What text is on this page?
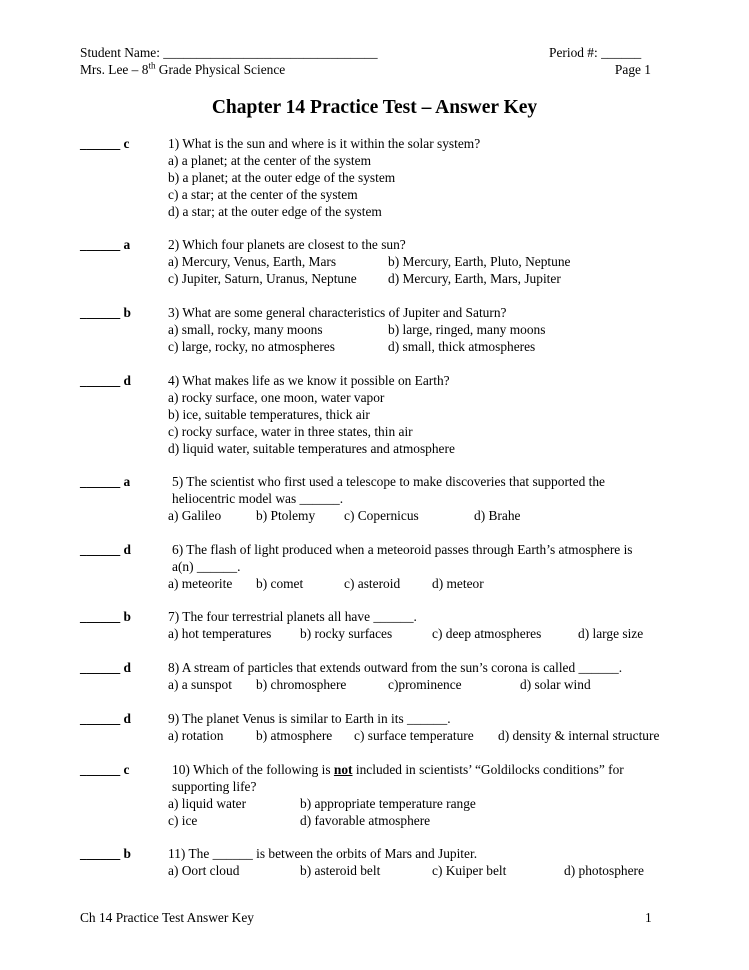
Student Name: ________________________________	Period #: ______
Mrs. Lee – 8th Grade Physical Science	Page 1
Chapter 14 Practice Test – Answer Key
______ c	1) What is the sun and where is it within the solar system?
a) a planet; at the center of the system
b) a planet; at the outer edge of the system
c) a star; at the center of the system
d) a star; at the outer edge of the system
______ a	2) Which four planets are closest to the sun?
a) Mercury, Venus, Earth, Mars	b) Mercury, Earth, Pluto, Neptune
c) Jupiter, Saturn, Uranus, Neptune d) Mercury, Earth, Mars, Jupiter
______ b	3) What are some general characteristics of Jupiter and Saturn?
a) small, rocky, many moons	b) large, ringed, many moons
c) large, rocky, no atmospheres	d) small, thick atmospheres
______ d	4) What makes life as we know it possible on Earth?
a) rocky surface, one moon, water vapor
b) ice, suitable temperatures, thick air
c) rocky surface, water in three states, thin air
d) liquid water, suitable temperatures and atmosphere
______ a	5) The scientist who first used a telescope to make discoveries that supported the
heliocentric model was ______.
a) Galileo	b) Ptolemy c) Copernicus	d) Brahe
______ d	6) The flash of light produced when a meteoroid passes through Earth’s atmosphere is
a(n) ______.
a) meteorite b) comet	c) asteroid d) meteor
______ b	7) The four terrestrial planets all have ______.
a) hot temperatures b) rocky surfaces	c) deep atmospheres	d) large size
______ d	8) A stream of particles that extends outward from the sun’s corona is called ______.
a) a sunspot b) chromosphere	c)prominence	d) solar wind
______ d	9) The planet Venus is similar to Earth in its ______.
a) rotation b) atmosphere c) surface temperature d) density & internal structure
______ c	10) Which of the following is not included in scientists’ “Goldilocks conditions” for
supporting life?
a) liquid water	b) appropriate temperature range
c) ice	d) favorable atmosphere
______ b	11) The ______ is between the orbits of Mars and Jupiter.
a) Oort cloud	b) asteroid belt	c) Kuiper belt	d) photosphere
Ch 14 Practice Test Answer Key	1
